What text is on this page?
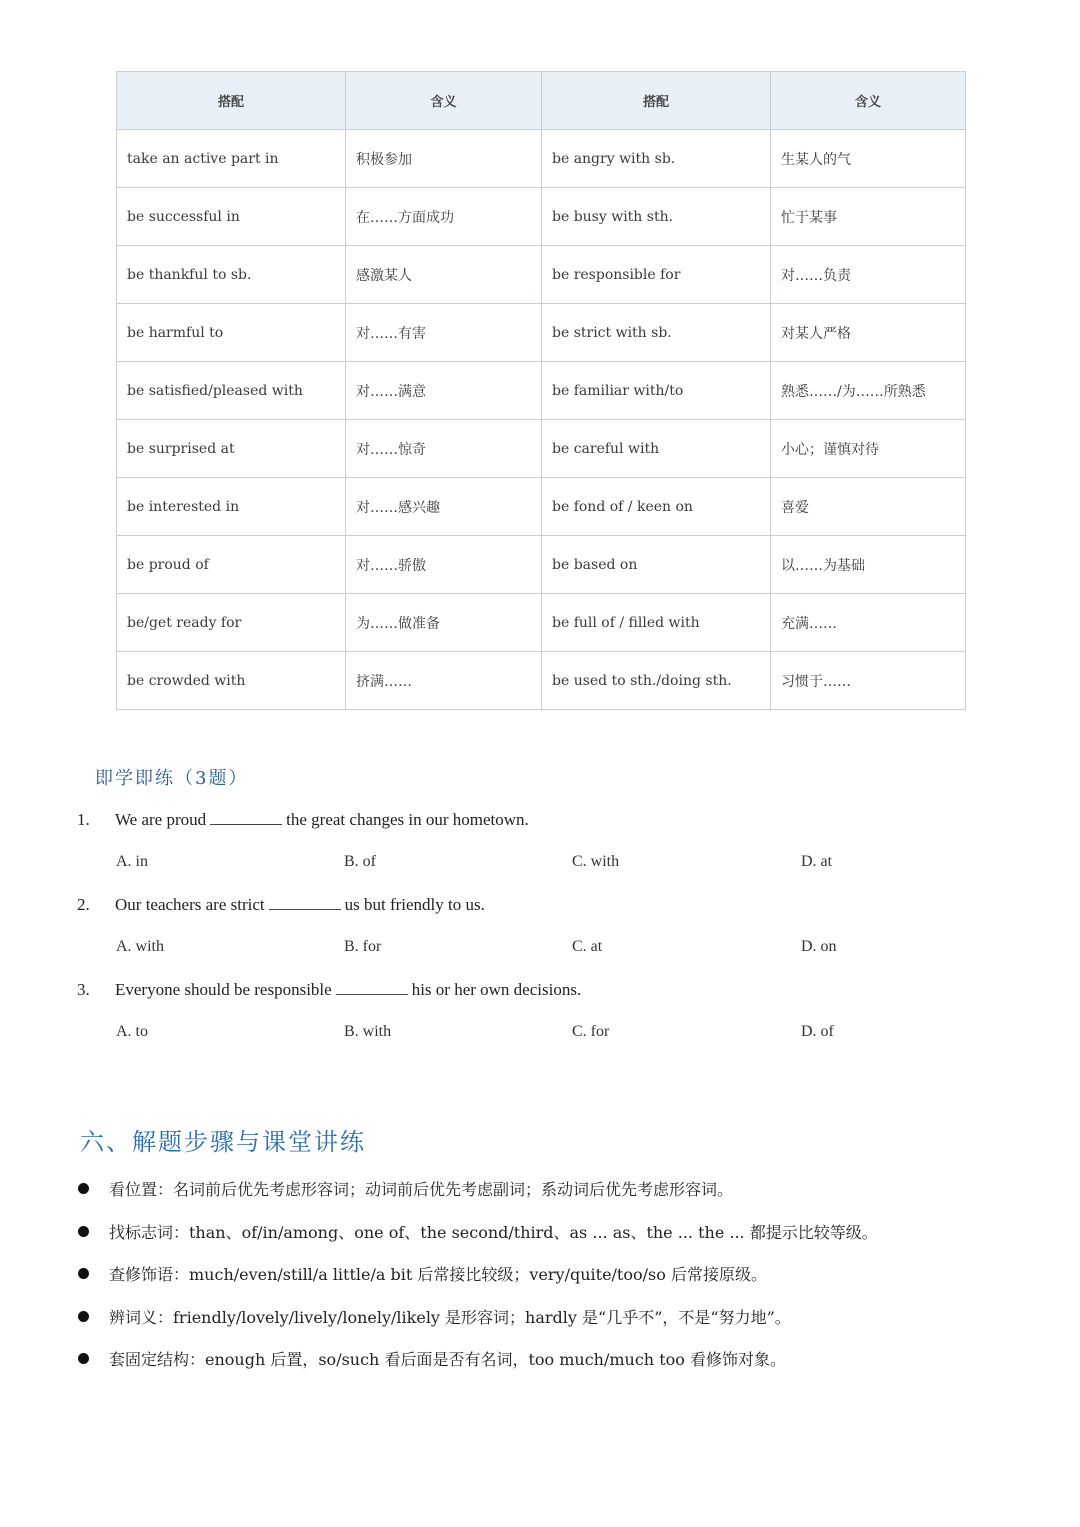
搭配	含义	搭配	含义
take an active part in	积极参加	be angry with sb.	生某人的气
be successful in	在……方面成功	be busy with sth.	忙于某事
be thankful to sb.	感激某人	be responsible for	对……负责
be harmful to	对……有害	be strict with sb.	对某人严格
be satisfied/pleased with	对……满意	be familiar with/to	熟悉……/为……所熟悉
be surprised at	对……惊奇	be careful with	小心；谨慎对待
be interested in	对……感兴趣	be fond of / keen on	喜爱
be proud of	对……骄傲	be based on	以……为基础
be/get ready for	为……做准备	be full of / filled with	充满……
be crowded with	挤满……	be used to sth./doing sth.	习惯于……
即学即练（3题）
1.	We are proud	the great changes in our hometown.
A. in	B. of	C. with	D. at
2.	Our teachers are strict	us but friendly to us.
A. with	B. for	C. at	D. on
3.	Everyone should be responsible	his or her own decisions.
A. to	B. with	C. for	D. of
六、解题步骤与课堂讲练
看位置：名词前后优先考虑形容词；动词前后优先考虑副词；系动词后优先考虑形容词。
找标志词：than、of/in/among、one of、the second/third、as ... as、the ... the ... 都提示比较等级。
查修饰语：much/even/still/a little/a bit 后常接比较级；very/quite/too/so 后常接原级。
辨词义：friendly/lovely/lively/lonely/likely 是形容词；hardly 是“几乎不”，不是“努力地”。
套固定结构：enough 后置，so/such 看后面是否有名词，too much/much too 看修饰对象。
